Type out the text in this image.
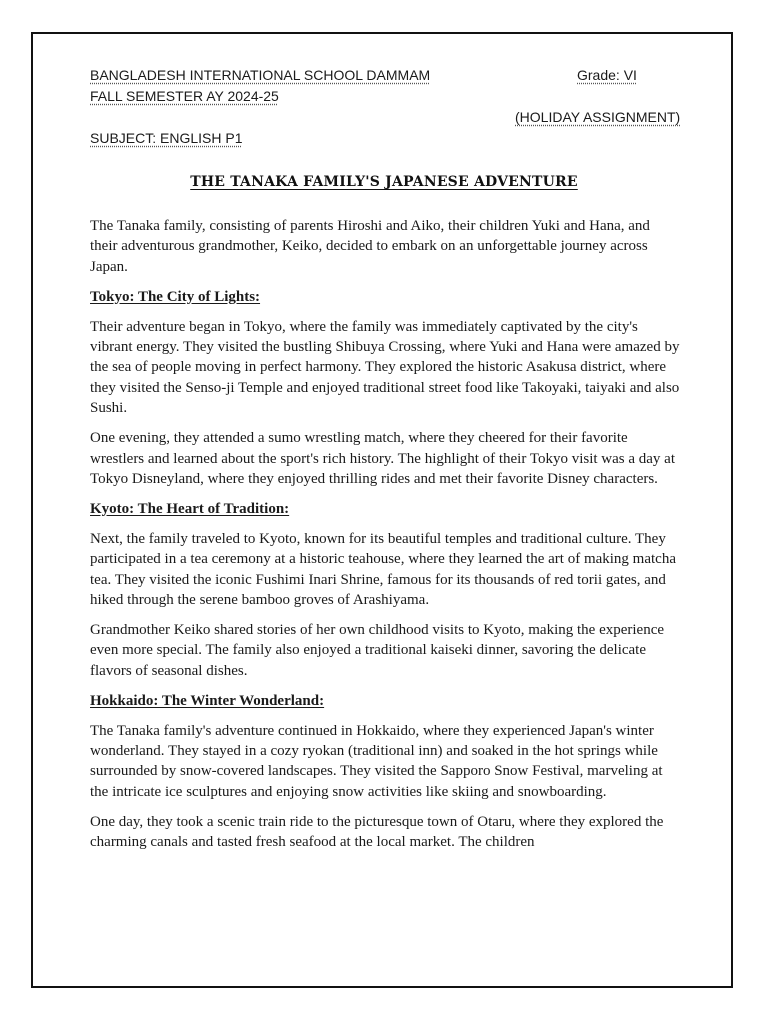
BANGLADESH INTERNATIONAL SCHOOL DAMMAM	Grade: VI
FALL SEMESTER AY 2024-25
(HOLIDAY ASSIGNMENT)
SUBJECT: ENGLISH P1
THE TANAKA FAMILY'S JAPANESE ADVENTURE

The Tanaka family, consisting of parents Hiroshi and Aiko, their children Yuki and Hana, and their adventurous grandmother, Keiko, decided to embark on an unforgettable journey across Japan.

Tokyo: The City of Lights:

Their adventure began in Tokyo, where the family was immediately captivated by the city's vibrant energy. They visited the bustling Shibuya Crossing, where Yuki and Hana were amazed by the sea of people moving in perfect harmony. They explored the historic Asakusa district, where they visited the Senso-ji Temple and enjoyed traditional street food like Takoyaki, taiyaki and also Sushi.

One evening, they attended a sumo wrestling match, where they cheered for their favorite wrestlers and learned about the sport's rich history. The highlight of their Tokyo visit was a day at Tokyo Disneyland, where they enjoyed thrilling rides and met their favorite Disney characters.

Kyoto: The Heart of Tradition:

Next, the family traveled to Kyoto, known for its beautiful temples and traditional culture. They participated in a tea ceremony at a historic teahouse, where they learned the art of making matcha tea. They visited the iconic Fushimi Inari Shrine, famous for its thousands of red torii gates, and hiked through the serene bamboo groves of Arashiyama.

Grandmother Keiko shared stories of her own childhood visits to Kyoto, making the experience even more special. The family also enjoyed a traditional kaiseki dinner, savoring the delicate flavors of seasonal dishes.

Hokkaido: The Winter Wonderland:

The Tanaka family's adventure continued in Hokkaido, where they experienced Japan's winter wonderland. They stayed in a cozy ryokan (traditional inn) and soaked in the hot springs while surrounded by snow-covered landscapes. They visited the Sapporo Snow Festival, marveling at the intricate ice sculptures and enjoying snow activities like skiing and snowboarding.

One day, they took a scenic train ride to the picturesque town of Otaru, where they explored the charming canals and tasted fresh seafood at the local market. The children
